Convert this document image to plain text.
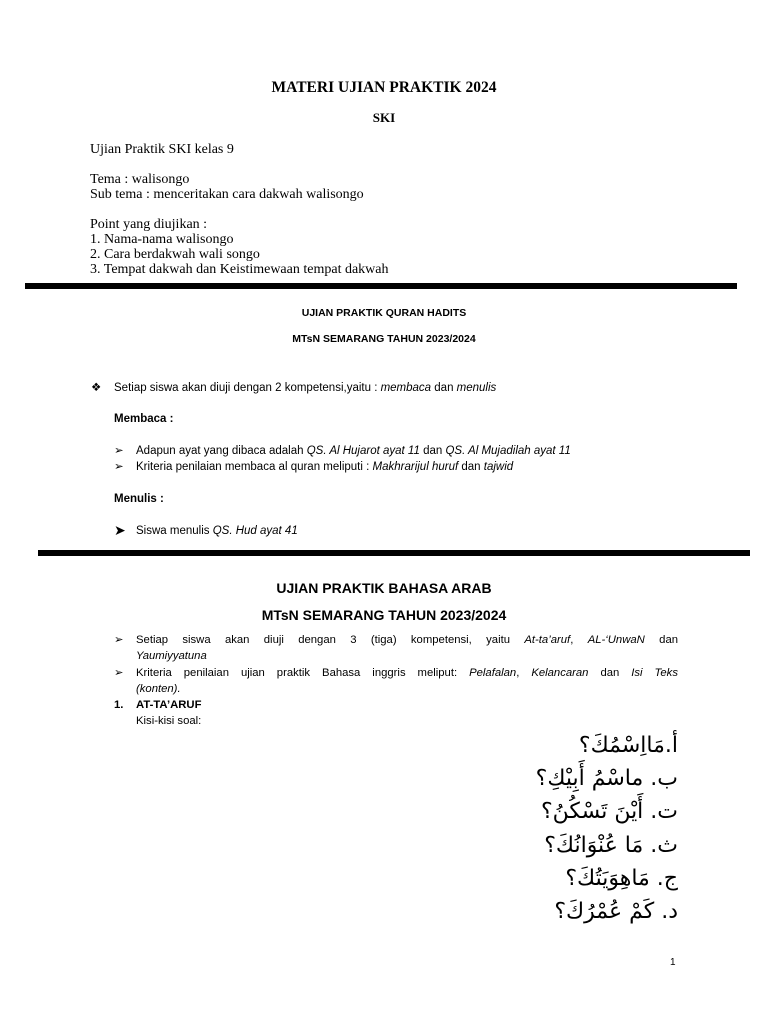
MATERI UJIAN PRAKTIK 2024
SKI
Ujian Praktik SKI kelas 9
Tema : walisongo
Sub tema : menceritakan cara dakwah walisongo
Point yang diujikan :
1. Nama-nama walisongo
2. Cara berdakwah wali songo
3. Tempat dakwah dan Keistimewaan tempat dakwah
UJIAN PRAKTIK QURAN HADITS
MTsN SEMARANG TAHUN 2023/2024
❖ Setiap siswa akan diuji dengan 2 kompetensi,yaitu : membaca dan menulis
Membaca :
➢ Adapun ayat yang dibaca adalah QS. Al Hujarot ayat 11 dan QS. Al Mujadilah ayat 11
➢ Kriteria penilaian membaca al quran meliputi : Makhrarijul huruf dan tajwid
Menulis :
➤ Siswa menulis QS. Hud ayat 41
UJIAN PRAKTIK BAHASA ARAB
MTsN SEMARANG TAHUN 2023/2024
➢ Setiap siswa akan diuji dengan 3 (tiga) kompetensi, yaitu At-ta’aruf, AL-‘UnwaN dan
Yaumiyyatuna
➢ Kriteria penilaian ujian praktik Bahasa inggris meliput: Pelafalan, Kelancaran dan Isi Teks
(konten).
1. AT-TA’ARUF
Kisi-kisi soal:
أ.مَااِسْمُكَ؟
ب. ماسْمُ أَبِيْكِ؟
ت. أَيْنَ تَسْكُنُ؟
ث. مَا عُنْوَانُكَ؟
ج. مَاهِوَيَتُكَ؟
د. كَمْ عُمْرُكَ؟
1
